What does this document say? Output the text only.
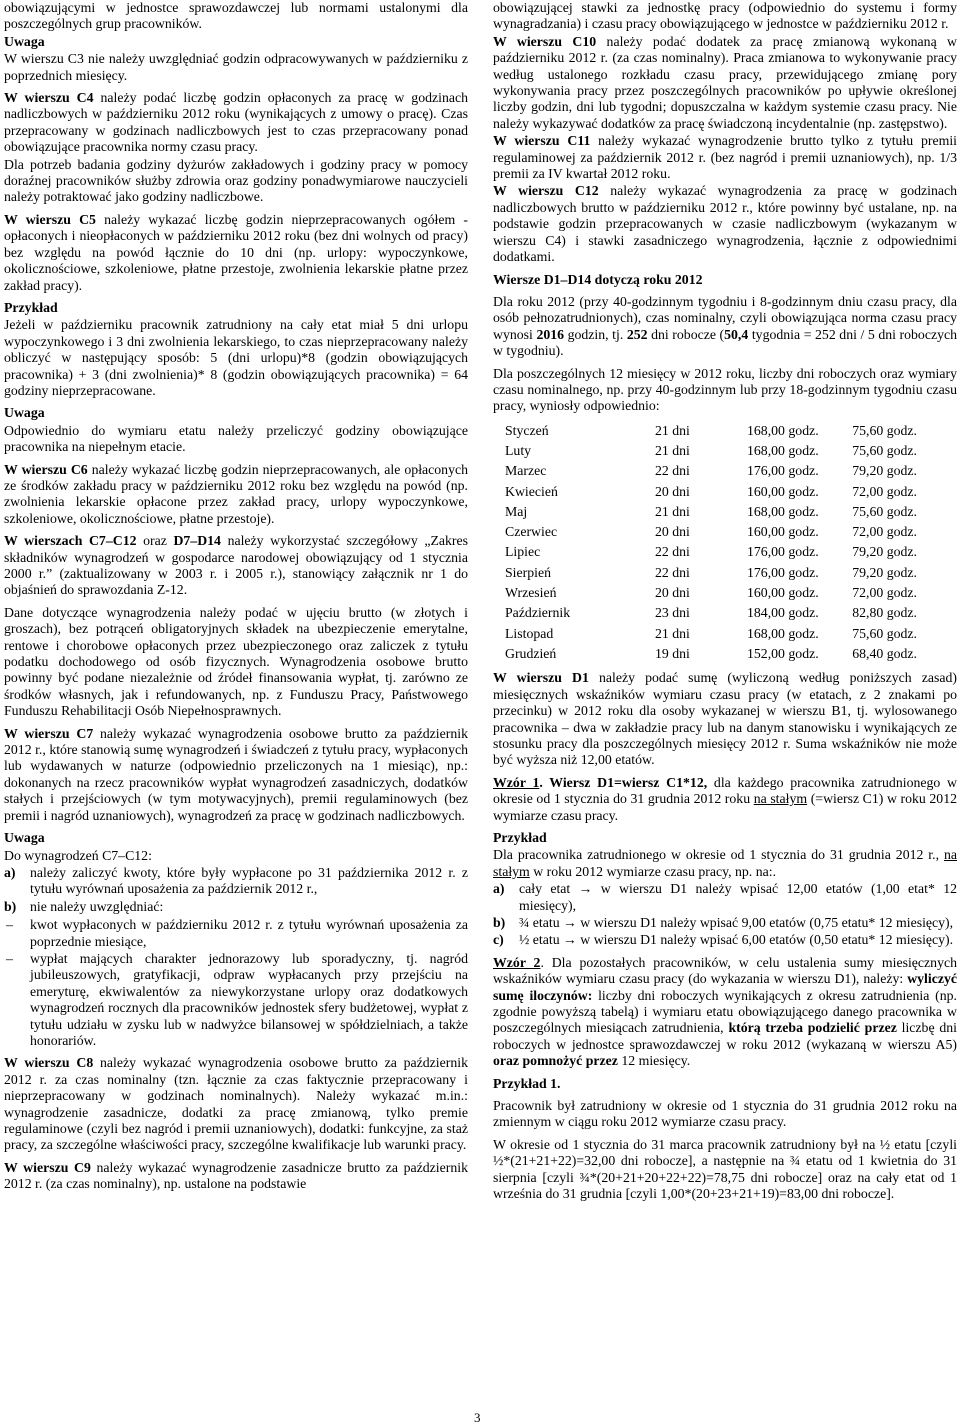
obowiązującymi w jednostce sprawozdawczej lub normami ustalonymi dla poszczególnych grup pracowników.

Uwaga

W wierszu C3 nie należy uwzględniać godzin odpracowywanych w październiku z poprzednich miesięcy.

W wierszu C4 należy podać liczbę godzin opłaconych za pracę w godzinach nadliczbowych w październiku 2012 roku (wynikających z umowy o pracę). Czas przepracowany w godzinach nadliczbowych jest to czas przepracowany ponad obowiązujące pracownika normy czasu pracy.

Dla potrzeb badania godziny dyżurów zakładowych i godziny pracy w pomocy doraźnej pracowników służby zdrowia oraz godziny ponadwymiarowe nauczycieli należy potraktować jako godziny nadliczbowe.

W wierszu C5 należy wykazać liczbę godzin nieprzepracowanych ogółem - opłaconych i nieopłaconych w październiku 2012 roku (bez dni wolnych od pracy) bez względu na powód łącznie do 10 dni (np. urlopy: wypoczynkowe, okolicznościowe, szkoleniowe, płatne przestoje, zwolnienia lekarskie płatne przez zakład pracy).

Przykład

Jeżeli w październiku pracownik zatrudniony na cały etat miał 5 dni urlopu wypoczynkowego i 3 dni zwolnienia lekarskiego, to czas nieprzepracowany należy obliczyć w następujący sposób: 5 (dni urlopu)*8 (godzin obowiązujących pracownika) + 3 (dni zwolnienia)* 8 (godzin obowiązujących pracownika) = 64 godziny nieprzepracowane.

Uwaga

Odpowiednio do wymiaru etatu należy przeliczyć godziny obowiązujące pracownika na niepełnym etacie.

W wierszu C6 należy wykazać liczbę godzin nieprzepracowanych, ale opłaconych ze środków zakładu pracy w październiku 2012 roku bez względu na powód (np. zwolnienia lekarskie opłacone przez zakład pracy, urlopy wypoczynkowe, szkoleniowe, okolicznościowe, płatne przestoje).

W wierszach C7–C12 oraz D7–D14 należy wykorzystać szczegółowy „Zakres składników wynagrodzeń w gospodarce narodowej obowiązujący od 1 stycznia 2000 r.” (zaktualizowany w 2003 r. i 2005 r.), stanowiący załącznik nr 1 do objaśnień do sprawozdania Z-12.

Dane dotyczące wynagrodzenia należy podać w ujęciu brutto (w złotych i groszach), bez potrąceń obligatoryjnych składek na ubezpieczenie emerytalne, rentowe i chorobowe opłaconych przez ubezpieczonego oraz zaliczek z tytułu podatku dochodowego od osób fizycznych. Wynagrodzenia osobowe brutto powinny być podane niezależnie od źródeł finansowania wypłat, tj. zarówno ze środków własnych, jak i refundowanych, np. z Funduszu Pracy, Państwowego Funduszu Rehabilitacji Osób Niepełnosprawnych.

W wierszu C7 należy wykazać wynagrodzenia osobowe brutto za październik 2012 r., które stanowią sumę wynagrodzeń i świadczeń z tytułu pracy, wypłaconych lub wydawanych w naturze (odpowiednio przeliczonych na 1 miesiąc), np.: dokonanych na rzecz pracowników wypłat wynagrodzeń zasadniczych, dodatków stałych i przejściowych (w tym motywacyjnych), premii regulaminowych (bez premii i nagród uznaniowych), wynagrodzeń za pracę w godzinach nadliczbowych.

Uwaga

Do wynagrodzeń C7–C12:

a) należy zaliczyć kwoty, które były wypłacone po 31 października 2012 r. z tytułu wyrównań uposażenia za październik 2012 r.,
b) nie należy uwzględniać:
– kwot wypłaconych w październiku 2012 r. z tytułu wyrównań uposażenia za poprzednie miesiące,
– wypłat mających charakter jednorazowy lub sporadyczny, tj. nagród jubileuszowych, gratyfikacji, odpraw wypłacanych przy przejściu na emeryturę, ekwiwalentów za niewykorzystane urlopy oraz dodatkowych wynagrodzeń rocznych dla pracowników jednostek sfery budżetowej, wypłat z tytułu udziału w zysku lub w nadwyżce bilansowej w spółdzielniach, a także honorariów.

W wierszu C8 należy wykazać wynagrodzenia osobowe brutto za październik 2012 r. za czas nominalny (tzn. łącznie za czas faktycznie przepracowany i nieprzepracowany w godzinach nominalnych). Należy wykazać m.in.: wynagrodzenie zasadnicze, dodatki za pracę zmianową, tylko premie regulaminowe (czyli bez nagród i premii uznaniowych), dodatki: funkcyjne, za staż pracy, za szczególne właściwości pracy, szczególne kwalifikacje lub warunki pracy.

W wierszu C9 należy wykazać wynagrodzenie zasadnicze brutto za październik 2012 r. (za czas nominalny), np. ustalone na podstawie

obowiązującej stawki za jednostkę pracy (odpowiednio do systemu i formy wynagradzania) i czasu pracy obowiązującego w jednostce w październiku 2012 r.

W wierszu C10 należy podać dodatek za pracę zmianową wykonaną w październiku 2012 r. (za czas nominalny). Praca zmianowa to wykonywanie pracy według ustalonego rozkładu czasu pracy, przewidującego zmianę pory wykonywania pracy przez poszczególnych pracowników po upływie określonej liczby godzin, dni lub tygodni; dopuszczalna w każdym systemie czasu pracy. Nie należy wykazywać dodatków za pracę świadczoną incydentalnie (np. zastępstwo).

W wierszu C11 należy wykazać wynagrodzenie brutto tylko z tytułu premii regulaminowej za październik 2012 r. (bez nagród i premii uznaniowych), np. 1/3 premii za IV kwartał 2012 roku.

W wierszu C12 należy wykazać wynagrodzenia za pracę w godzinach nadliczbowych brutto w październiku 2012 r., które powinny być ustalane, np. na podstawie godzin przepracowanych w czasie nadliczbowym (wykazanym w wierszu C4) i stawki zasadniczego wynagrodzenia, łącznie z odpowiednimi dodatkami.

Wiersze D1–D14 dotyczą roku 2012

Dla roku 2012 (przy 40-godzinnym tygodniu i 8-godzinnym dniu czasu pracy, dla osób pełnozatrudnionych), czas nominalny, czyli obowiązująca norma czasu pracy wynosi 2016 godzin, tj. 252 dni robocze (50,4 tygodnia = 252 dni / 5 dni roboczych w tygodniu).

Dla poszczególnych 12 miesięcy w 2012 roku, liczby dni roboczych oraz wymiary czasu nominalnego, np. przy 40-godzinnym lub przy 18-godzinnym tygodniu czasu pracy, wyniosły odpowiednio:

Styczeń	21 dni	168,00 godz.	75,60 godz.
Luty	21 dni	168,00 godz.	75,60 godz.
Marzec	22 dni	176,00 godz.	79,20 godz.
Kwiecień	20 dni	160,00 godz.	72,00 godz.
Maj	21 dni	168,00 godz.	75,60 godz.
Czerwiec	20 dni	160,00 godz.	72,00 godz.
Lipiec	22 dni	176,00 godz.	79,20 godz.
Sierpień	22 dni	176,00 godz.	79,20 godz.
Wrzesień	20 dni	160,00 godz.	72,00 godz.
Październik	23 dni	184,00 godz.	82,80 godz.
Listopad	21 dni	168,00 godz.	75,60 godz.
Grudzień	19 dni	152,00 godz.	68,40 godz.

W wierszu D1 należy podać sumę (wyliczoną według poniższych zasad) miesięcznych wskaźników wymiaru czasu pracy (w etatach, z 2 znakami po przecinku) w 2012 roku dla osoby wykazanej w wierszu B1, tj. wylosowanego pracownika – dwa w zakładzie pracy lub na danym stanowisku i wynikających ze stosunku pracy dla poszczególnych miesięcy 2012 r. Suma wskaźników nie może być wyższa niż 12,00 etatów.

Wzór 1. Wiersz D1=wiersz C1*12, dla każdego pracownika zatrudnionego w okresie od 1 stycznia do 31 grudnia 2012 roku na stałym (=wiersz C1) w roku 2012 wymiarze czasu pracy.

Przykład

Dla pracownika zatrudnionego w okresie od 1 stycznia do 31 grudnia 2012 r., na stałym w roku 2012 wymiarze czasu pracy, np. na:.

a) cały etat → w wierszu D1 należy wpisać 12,00 etatów (1,00 etat* 12 miesięcy),
b) ¾ etatu → w wierszu D1 należy wpisać 9,00 etatów (0,75 etatu* 12 miesięcy),
c) ½ etatu → w wierszu D1 należy wpisać 6,00 etatów (0,50 etatu* 12 miesięcy).

Wzór 2. Dla pozostałych pracowników, w celu ustalenia sumy miesięcznych wskaźników wymiaru czasu pracy (do wykazania w wierszu D1), należy: wyliczyć sumę iloczynów: liczby dni roboczych wynikających z okresu zatrudnienia (np. zgodnie powyższą tabelą) i wymiaru etatu obowiązującego danego pracownika w poszczególnych miesiącach zatrudnienia, którą trzeba podzielić przez liczbę dni roboczych w jednostce sprawozdawczej w roku 2012 (wykazaną w wierszu A5) oraz pomnożyć przez 12 miesięcy.

Przykład 1.

Pracownik był zatrudniony w okresie od 1 stycznia do 31 grudnia 2012 roku na zmiennym w ciągu roku 2012 wymiarze czasu pracy.

W okresie od 1 stycznia do 31 marca pracownik zatrudniony był na ½ etatu [czyli ½*(21+21+22)=32,00 dni robocze], a następnie na ¾ etatu od 1 kwietnia do 31 sierpnia [czyli ¾*(20+21+20+22+22)=78,75 dni robocze] oraz na cały etat od 1 września do 31 grudnia [czyli 1,00*(20+23+21+19)=83,00 dni robocze].

3
